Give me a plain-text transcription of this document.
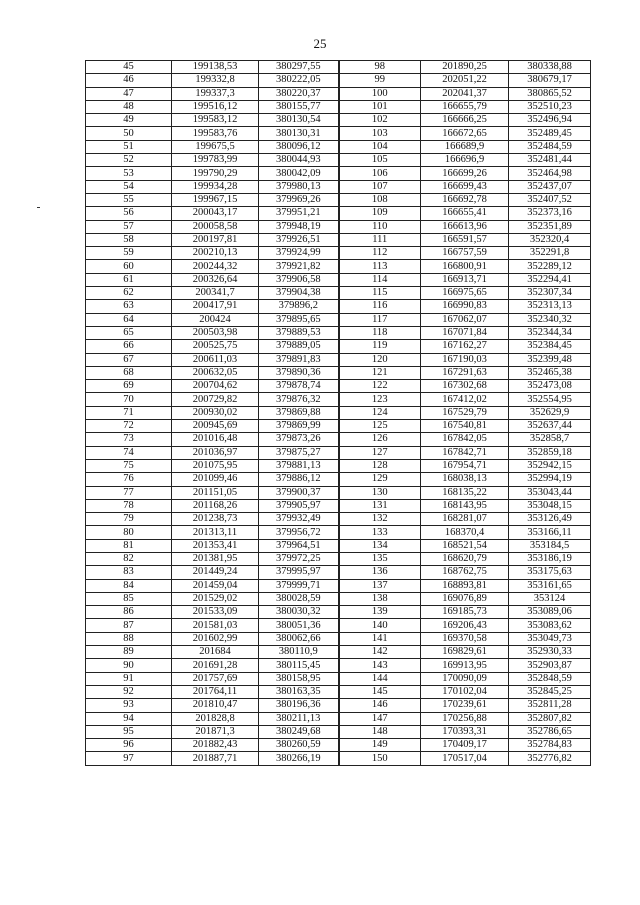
25
45	199138,53	380297,55	98	201890,25	380338,88
46	199332,8	380222,05	99	202051,22	380679,17
47	199337,3	380220,37	100	202041,37	380865,52
48	199516,12	380155,77	101	166655,79	352510,23
49	199583,12	380130,54	102	166666,25	352496,94
50	199583,76	380130,31	103	166672,65	352489,45
51	199675,5	380096,12	104	166689,9	352484,59
52	199783,99	380044,93	105	166696,9	352481,44
53	199790,29	380042,09	106	166699,26	352464,98
54	199934,28	379980,13	107	166699,43	352437,07
55	199967,15	379969,26	108	166692,78	352407,52
56	200043,17	379951,21	109	166655,41	352373,16
57	200058,58	379948,19	110	166613,96	352351,89
58	200197,81	379926,51	111	166591,57	352320,4
59	200210,13	379924,99	112	166757,59	352291,8
60	200244,32	379921,82	113	166800,91	352289,12
61	200326,64	379906,58	114	166913,71	352294,41
62	200341,7	379904,38	115	166975,65	352307,34
63	200417,91	379896,2	116	166990,83	352313,13
64	200424	379895,65	117	167062,07	352340,32
65	200503,98	379889,53	118	167071,84	352344,34
66	200525,75	379889,05	119	167162,27	352384,45
67	200611,03	379891,83	120	167190,03	352399,48
68	200632,05	379890,36	121	167291,63	352465,38
69	200704,62	379878,74	122	167302,68	352473,08
70	200729,82	379876,32	123	167412,02	352554,95
71	200930,02	379869,88	124	167529,79	352629,9
72	200945,69	379869,99	125	167540,81	352637,44
73	201016,48	379873,26	126	167842,05	352858,7
74	201036,97	379875,27	127	167842,71	352859,18
75	201075,95	379881,13	128	167954,71	352942,15
76	201099,46	379886,12	129	168038,13	352994,19
77	201151,05	379900,37	130	168135,22	353043,44
78	201168,26	379905,97	131	168143,95	353048,15
79	201238,73	379932,49	132	168281,07	353126,49
80	201313,11	379956,72	133	168370,4	353166,11
81	201353,41	379964,51	134	168521,54	353184,5
82	201381,95	379972,25	135	168620,79	353186,19
83	201449,24	379995,97	136	168762,75	353175,63
84	201459,04	379999,71	137	168893,81	353161,65
85	201529,02	380028,59	138	169076,89	353124
86	201533,09	380030,32	139	169185,73	353089,06
87	201581,03	380051,36	140	169206,43	353083,62
88	201602,99	380062,66	141	169370,58	353049,73
89	201684	380110,9	142	169829,61	352930,33
90	201691,28	380115,45	143	169913,95	352903,87
91	201757,69	380158,95	144	170090,09	352848,59
92	201764,11	380163,35	145	170102,04	352845,25
93	201810,47	380196,36	146	170239,61	352811,28
94	201828,8	380211,13	147	170256,88	352807,82
95	201871,3	380249,68	148	170393,31	352786,65
96	201882,43	380260,59	149	170409,17	352784,83
97	201887,71	380266,19	150	170517,04	352776,82
